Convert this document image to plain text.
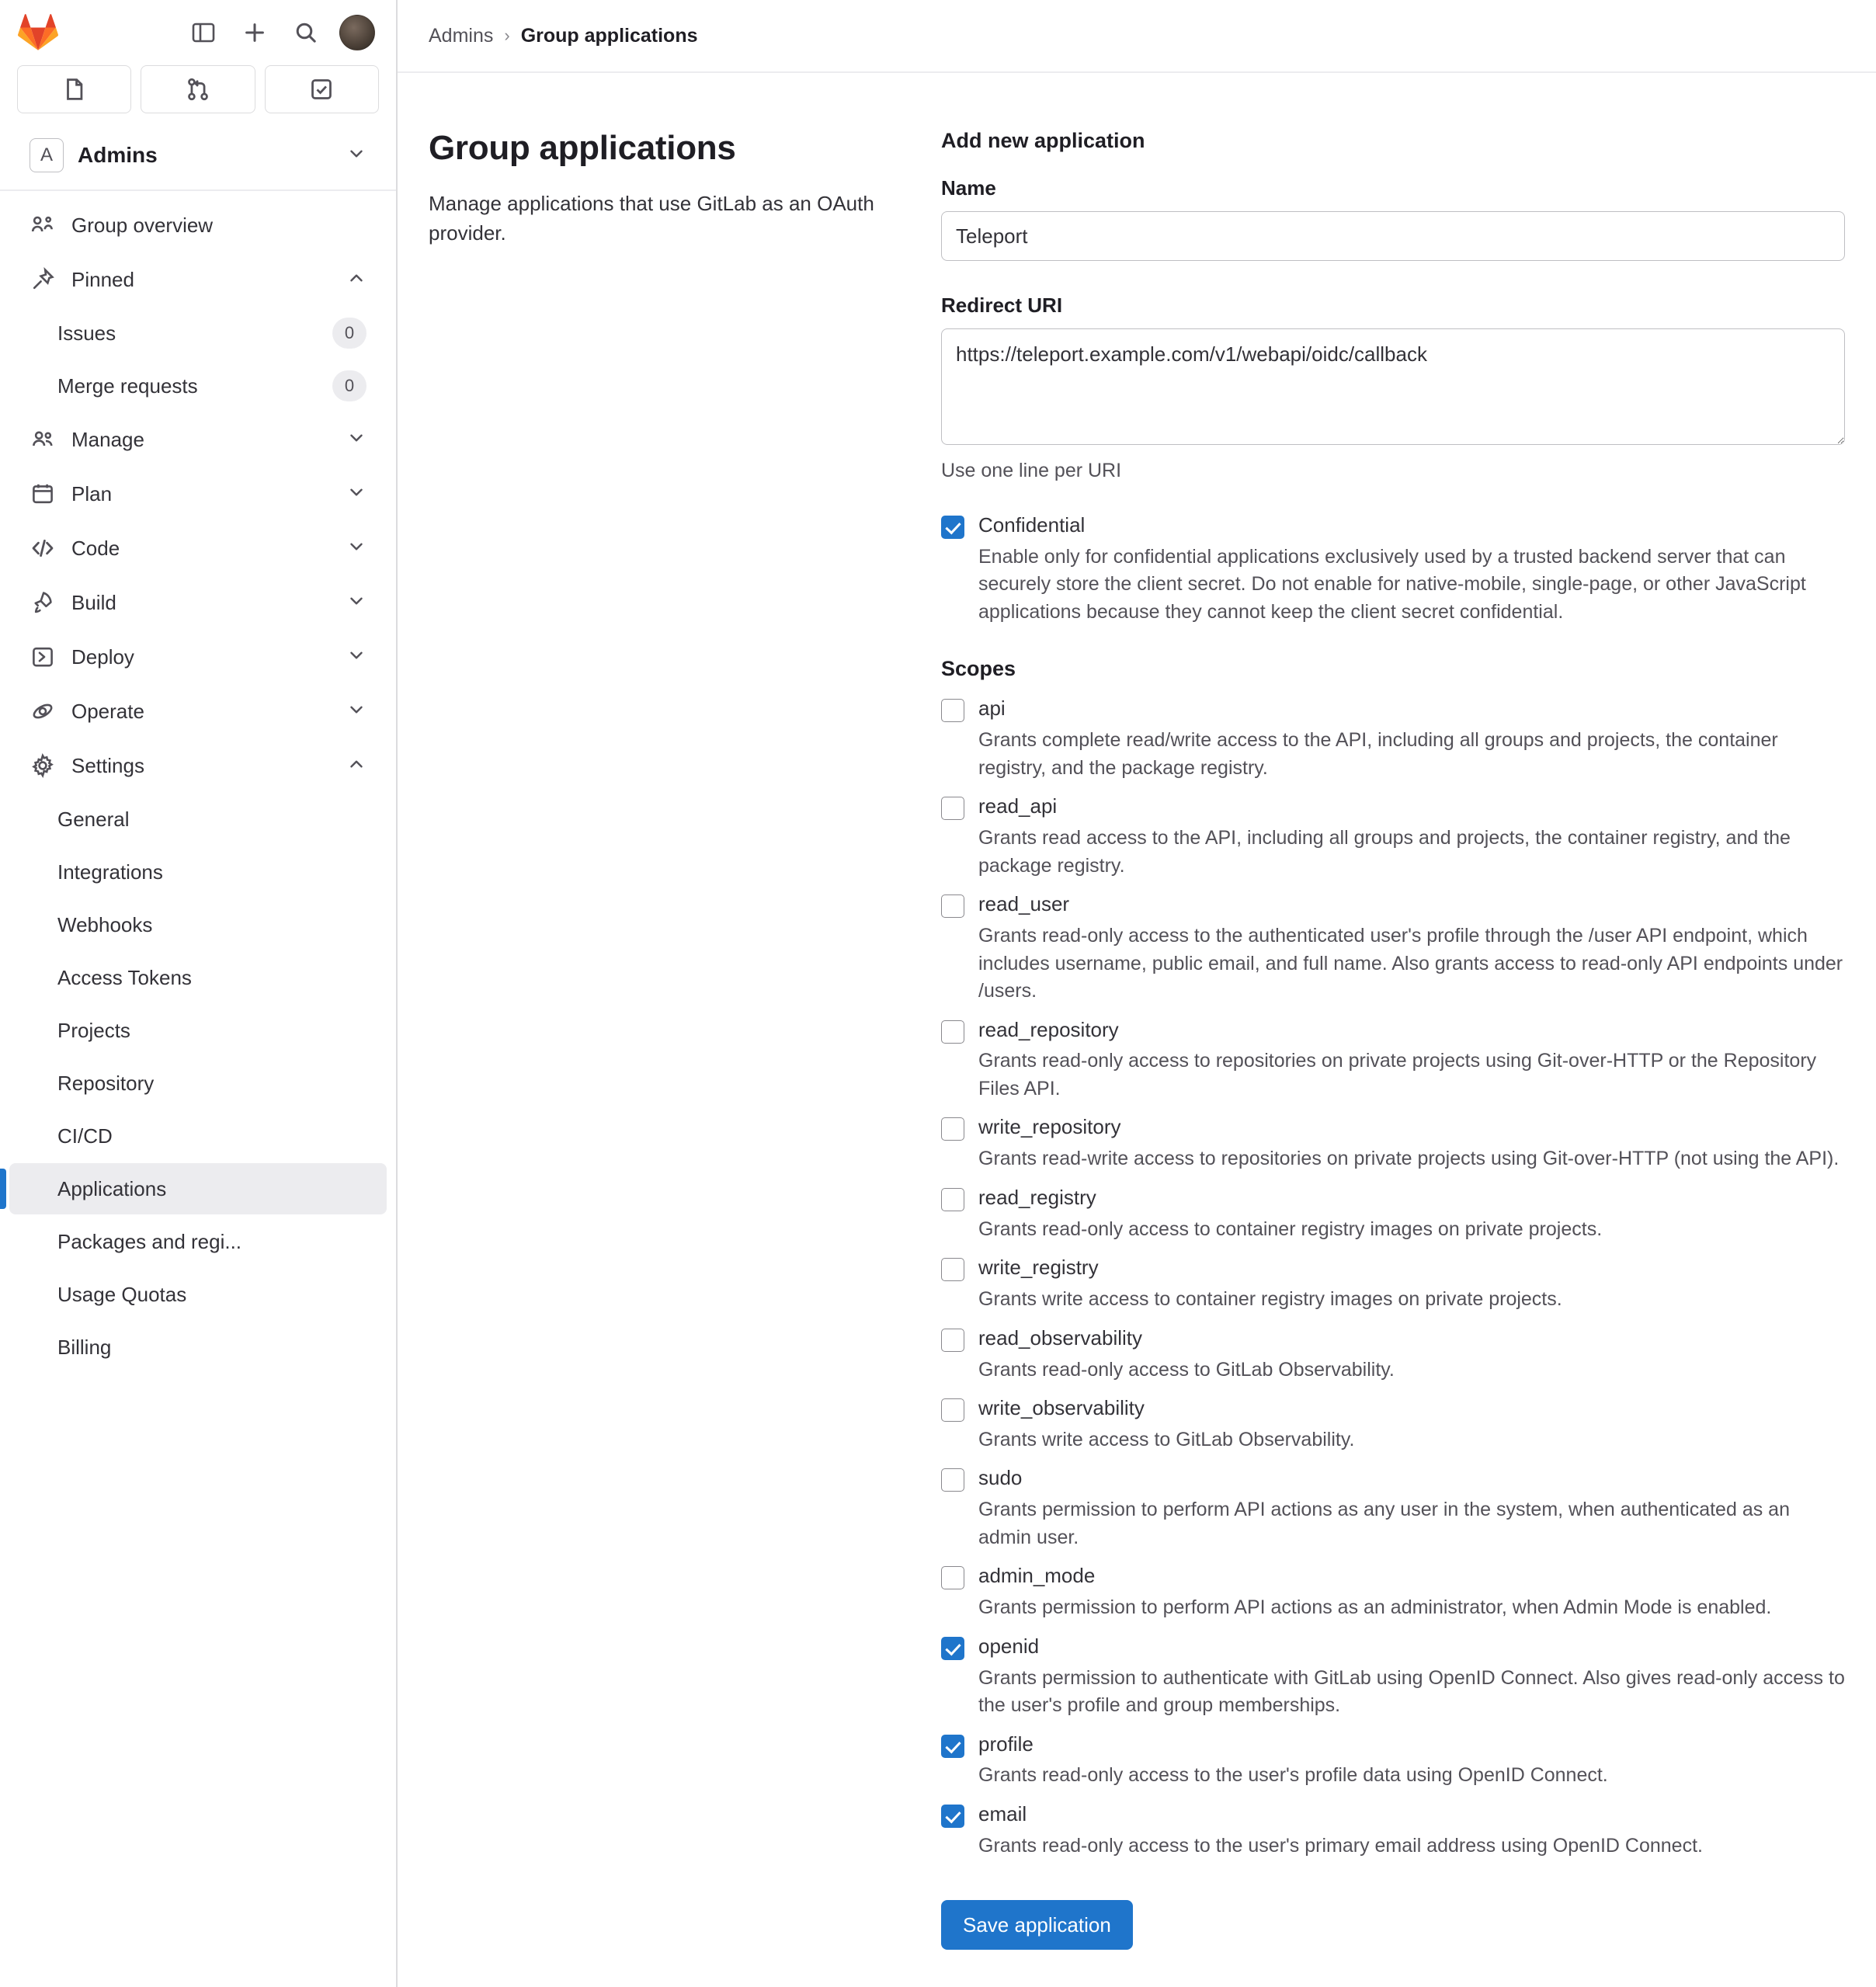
A	Admins
Group overview
Pinned
Issues	0
Merge requests	0
Manage
Plan
Code
Build
Deploy
Operate
Settings
General
Integrations
Webhooks
Access Tokens
Projects
Repository
CI/CD
Applications
Packages and regi...
Usage Quotas
Billing
Admins › Group applications
Group applications

Manage applications that use GitLab as an OAuth provider.

Add new application
Name
Teleport
Redirect URI
https://teleport.example.com/v1/webapi/oidc/callback

Use one line per URI

Confidential
Enable only for confidential applications exclusively used by a trusted backend server that can securely store the client secret. Do not enable for native-mobile, single-page, or other JavaScript applications because they cannot keep the client secret confidential.
Scopes
api
Grants complete read/write access to the API, including all groups and projects, the container registry, and the package registry.
read_api
Grants read access to the API, including all groups and projects, the container registry, and the package registry.
read_user
Grants read-only access to the authenticated user's profile through the /user API endpoint, which includes username, public email, and full name. Also grants access to read-only API endpoints under /users.
read_repository
Grants read-only access to repositories on private projects using Git-over-HTTP or the Repository Files API.
write_repository
Grants read-write access to repositories on private projects using Git-over-HTTP (not using the API).
read_registry
Grants read-only access to container registry images on private projects.
write_registry
Grants write access to container registry images on private projects.
read_observability
Grants read-only access to GitLab Observability.
write_observability
Grants write access to GitLab Observability.
sudo
Grants permission to perform API actions as any user in the system, when authenticated as an admin user.
admin_mode
Grants permission to perform API actions as an administrator, when Admin Mode is enabled.
openid
Grants permission to authenticate with GitLab using OpenID Connect. Also gives read-only access to the user's profile and group memberships.
profile
Grants read-only access to the user's profile data using OpenID Connect.
email
Grants read-only access to the user's primary email address using OpenID Connect.
Save application
